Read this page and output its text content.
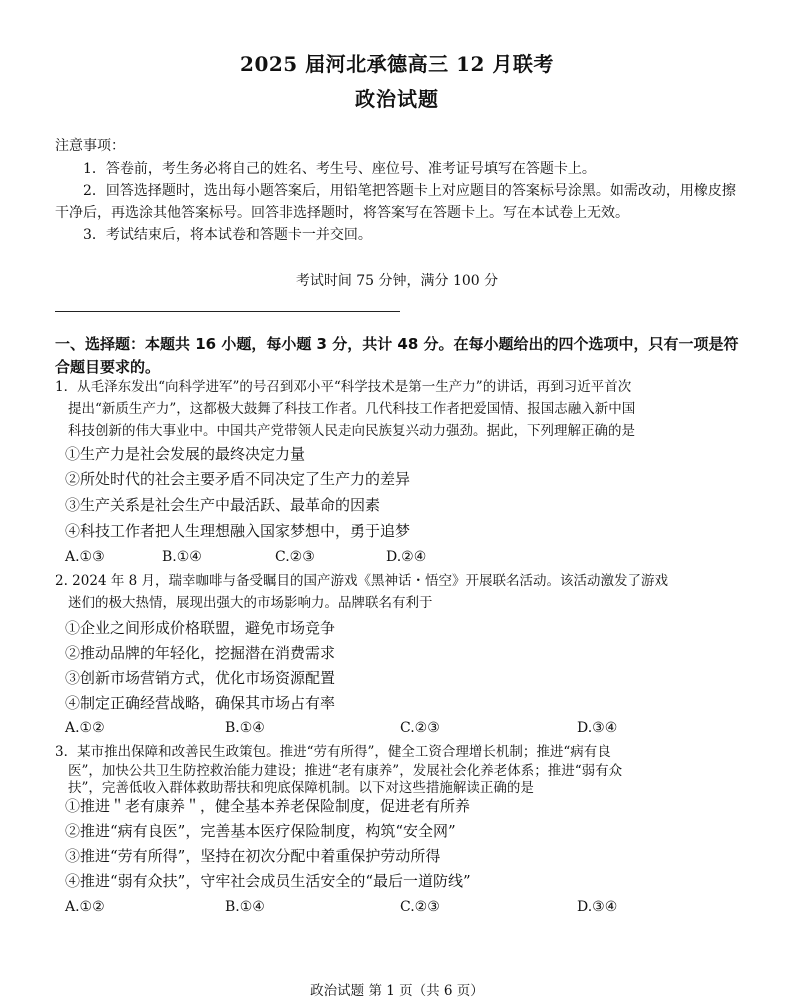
2025 届河北承德高三 12 月联考
政治试题
注意事项：

1．答卷前，考生务必将自己的姓名、考生号、座位号、准考证号填写在答题卡上。

2．回答选择题时，选出每小题答案后，用铅笔把答题卡上对应题目的答案标号涂黑。如需改动，用橡皮擦干净后，再选涂其他答案标号。回答非选择题时，将答案写在答题卡上。写在本试卷上无效。

3．考试结束后，将本试卷和答题卡一并交回。

考试时间 75 分钟，满分 100 分
一、选择题：本题共 16 小题，每小题 3 分，共计 48 分。在每小题给出的四个选项中，只有一项是符合题目要求的。
1．从毛泽东发出“向科学进军”的号召到邓小平“科学技术是第一生产力”的讲话，再到习近平首次
提出“新质生产力”，这都极大鼓舞了科技工作者。几代科技工作者把爱国情、报国志融入新中国
科技创新的伟大事业中。中国共产党带领人民走向民族复兴动力强劲。据此，下列理解正确的是
①生产力是社会发展的最终决定力量
②所处时代的社会主要矛盾不同决定了生产力的差异
③生产关系是社会生产中最活跃、最革命的因素
④科技工作者把人生理想融入国家梦想中，勇于追梦
A.①③	B.①④	C.②③	D.②④
2. 2024 年 8 月，瑞幸咖啡与备受瞩目的国产游戏《黑神话・悟空》开展联名活动。该活动激发了游戏
迷们的极大热情，展现出强大的市场影响力。品牌联名有利于
①企业之间形成价格联盟，避免市场竞争
②推动品牌的年轻化，挖掘潜在消费需求
③创新市场营销方式，优化市场资源配置
④制定正确经营战略，确保其市场占有率
A.①②	B.①④	C.②③	D.③④
3．某市推出保障和改善民生政策包。推进“劳有所得”，健全工资合理增长机制；推进“病有良
医”，加快公共卫生防控救治能力建设；推进“老有康养”，发展社会化养老体系；推进“弱有众
扶”，完善低收入群体救助帮扶和兜底保障机制。以下对这些措施解读正确的是
①推进＂老有康养＂，健全基本养老保险制度，促进老有所养
②推进“病有良医”，完善基本医疗保险制度，构筑“安全网”
③推进“劳有所得”，坚持在初次分配中着重保护劳动所得
④推进“弱有众扶”，守牢社会成员生活安全的“最后一道防线”
A.①②	B.①④	C.②③	D.③④
政治试题 第 1 页（共 6 页）
